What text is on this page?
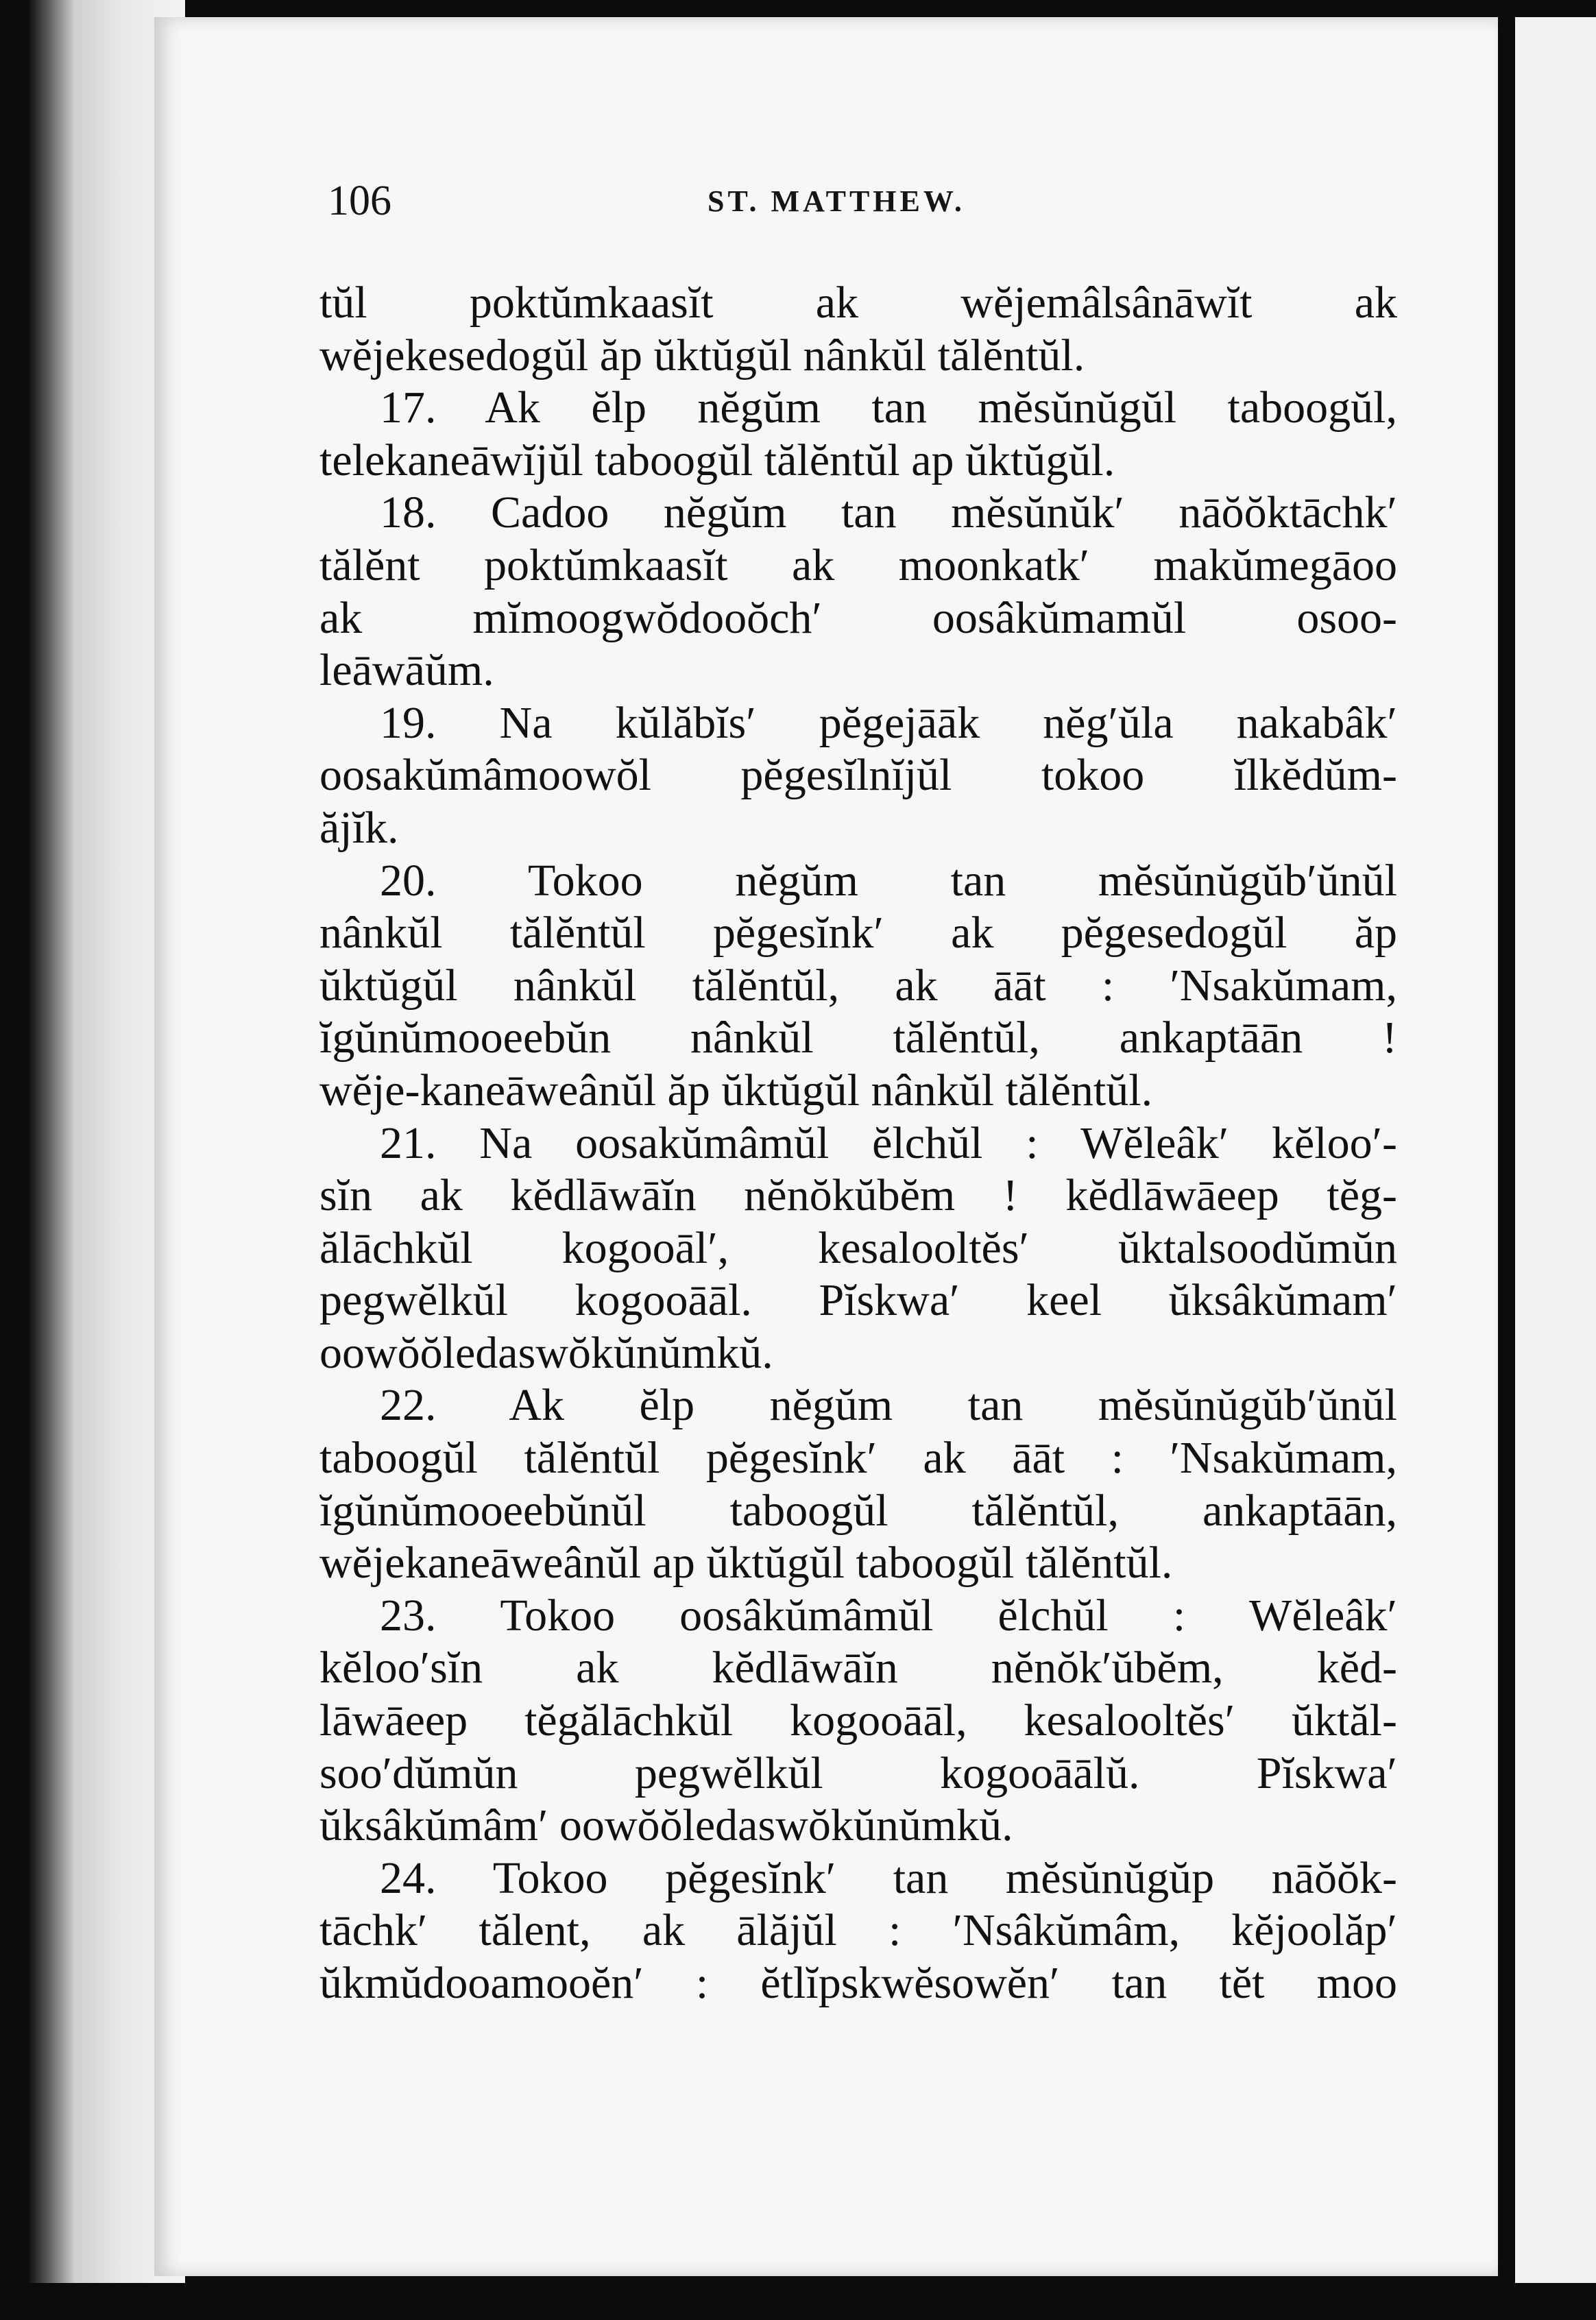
106	ST. MATTHEW.
tŭl poktŭmkaasĭt ak wĕjemâlsânāwĭt ak
wĕjekesedogŭl ăp ŭktŭgŭl nânkŭl tălĕntŭl.
17. Ak ĕlp nĕgŭm tan mĕsŭnŭgŭl taboogŭl,
telekaneāwĭjŭl taboogŭl tălĕntŭl ap ŭktŭgŭl.
18. Cadoo nĕgŭm tan mĕsŭnŭk′ nāŏŏktāchk′
tălĕnt poktŭmkaasĭt ak moonkatk′ makŭmegāoo
ak mĭmoogwŏdooŏch′ oosâkŭmamŭl osoo-
leāwāŭm.
19. Na kŭlăbĭs′ pĕgejāāk nĕg′ŭla nakabâk′
oosakŭmâmoowŏl pĕgesĭlnĭjŭl tokoo ĭlkĕdŭm-
ăjĭk.
20. Tokoo nĕgŭm tan mĕsŭnŭgŭb′ŭnŭl
nânkŭl tălĕntŭl pĕgesĭnk′ ak pĕgesedogŭl ăp
ŭktŭgŭl nânkŭl tălĕntŭl, ak āāt : ′Nsakŭmam,
ĭgŭnŭmooeebŭn nânkŭl tălĕntŭl, ankaptāān !
wĕje-kaneāweânŭl ăp ŭktŭgŭl nânkŭl tălĕntŭl.
21. Na oosakŭmâmŭl ĕlchŭl : Wĕleâk′ kĕloo′-
sĭn ak kĕdlāwāĭn nĕnŏkŭbĕm ! kĕdlāwāeep tĕg-
ălāchkŭl kogooāl′, kesalooltĕs′ ŭktalsoodŭmŭn
pegwĕlkŭl kogooāāl. Pĭskwa′ keel ŭksâkŭmam′
oowŏŏledaswŏkŭnŭmkŭ.
22. Ak ĕlp nĕgŭm tan mĕsŭnŭgŭb′ŭnŭl
taboogŭl tălĕntŭl pĕgesĭnk′ ak āāt : ′Nsakŭmam,
ĭgŭnŭmooeebŭnŭl taboogŭl tălĕntŭl, ankaptāān,
wĕjekaneāweânŭl ap ŭktŭgŭl taboogŭl tălĕntŭl.
23. Tokoo oosâkŭmâmŭl ĕlchŭl : Wĕleâk′
kĕloo′sĭn ak kĕdlāwāĭn nĕnŏk′ŭbĕm, kĕd-
lāwāeep tĕgălāchkŭl kogooāāl, kesalooltĕs′ ŭktăl-
soo′dŭmŭn pegwĕlkŭl kogooāālŭ. Pĭskwa′
ŭksâkŭmâm′ oowŏŏledaswŏkŭnŭmkŭ.
24. Tokoo pĕgesĭnk′ tan mĕsŭnŭgŭp nāŏŏk-
tāchk′ tălent, ak ālăjŭl : ′Nsâkŭmâm, kĕjoolăp′
ŭkmŭdooamooĕn′ : ĕtlĭpskwĕsowĕn′ tan tĕt moo
